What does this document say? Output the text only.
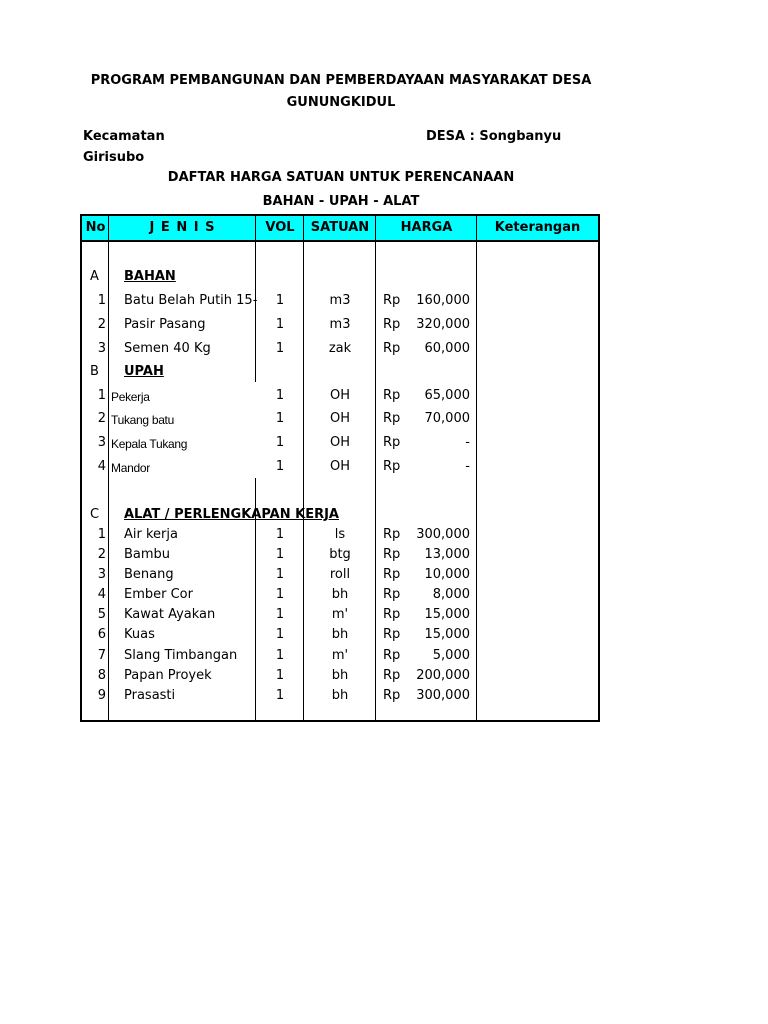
PROGRAM PEMBANGUNAN DAN PEMBERDAYAAN MASYARAKAT DESA
GUNUNGKIDUL
Kecamatan	DESA : Songbanyu
Girisubo
DAFTAR HARGA SATUAN UNTUK PERENCANAAN
BAHAN - UPAH - ALAT
No	J E N I S	VOL	SATUAN	HARGA	Keterangan
A BAHAN
1 Batu Belah Putih 15-	1	m3	Rp	160,000
2 Pasir Pasang	1	m3	Rp	320,000
3 Semen 40 Kg	1	zak	Rp	60,000
B UPAH
1 Pekerja	1	OH	Rp	65,000
2 Tukang batu	1	OH	Rp	70,000
3 Kepala Tukang	1	OH	Rp	-
4 Mandor	1	OH	Rp	-
C ALAT / PERLENGKAPAN KERJA
1 Air kerja	1	ls	Rp	300,000
2 Bambu	1	btg	Rp	13,000
3 Benang	1	roll	Rp	10,000
4 Ember Cor	1	bh	Rp	8,000
5 Kawat Ayakan	1	m'	Rp	15,000
6 Kuas	1	bh	Rp	15,000
7 Slang Timbangan	1	m'	Rp	5,000
8 Papan Proyek	1	bh	Rp	200,000
9 Prasasti	1	bh	Rp	300,000
